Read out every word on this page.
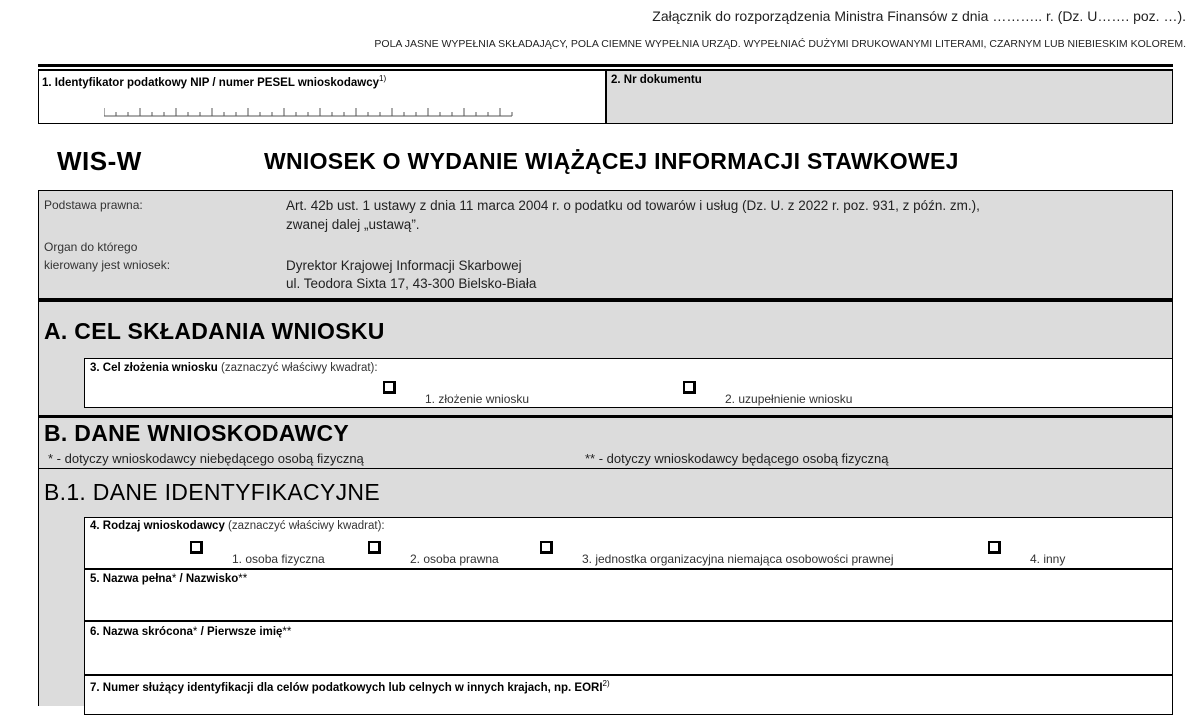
Załącznik do rozporządzenia Ministra Finansów z dnia ……….. r. (Dz. U……. poz. …).
POLA JASNE WYPEŁNIA SKŁADAJĄCY, POLA CIEMNE WYPEŁNIA URZĄD. WYPEŁNIAĆ DUŻYMI DRUKOWANYMI LITERAMI, CZARNYM LUB NIEBIESKIM KOLOREM.
1. Identyfikator podatkowy NIP / numer PESEL wnioskodawcy$^{1)}$	2. Nr dokumentu
WIS-W	WNIOSEK O WYDANIE WIĄŻĄCEJ INFORMACJI STAWKOWEJ
Podstawa prawna:	Art. 42b ust. 1 ustawy z dnia 11 marca 2004 r. o podatku od towarów i usług (Dz. U. z 2022 r. poz. 931, z późn. zm.),
zwanej dalej „ustawą”.
Organ do którego
kierowany jest wniosek:	Dyrektor Krajowej Informacji Skarbowej
ul. Teodora Sixta 17, 43-300 Bielsko-Biała
A. CEL SKŁADANIA WNIOSKU
3. Cel złożenia wniosku (zaznaczyć właściwy kwadrat):
1. złożenie wniosku	2. uzupełnienie wniosku
B. DANE WNIOSKODAWCY
* - dotyczy wnioskodawcy niebędącego osobą fizyczną	** - dotyczy wnioskodawcy będącego osobą fizyczną
B.1. DANE IDENTYFIKACYJNE
4. Rodzaj wnioskodawcy (zaznaczyć właściwy kwadrat):
1. osoba fizyczna	2. osoba prawna	3. jednostka organizacyjna niemająca osobowości prawnej	4. inny
5. Nazwa pełna* / Nazwisko**
6. Nazwa skrócona* / Pierwsze imię**
7. Numer służący identyfikacji dla celów podatkowych lub celnych w innych krajach, np. EORI$^{2)}$
